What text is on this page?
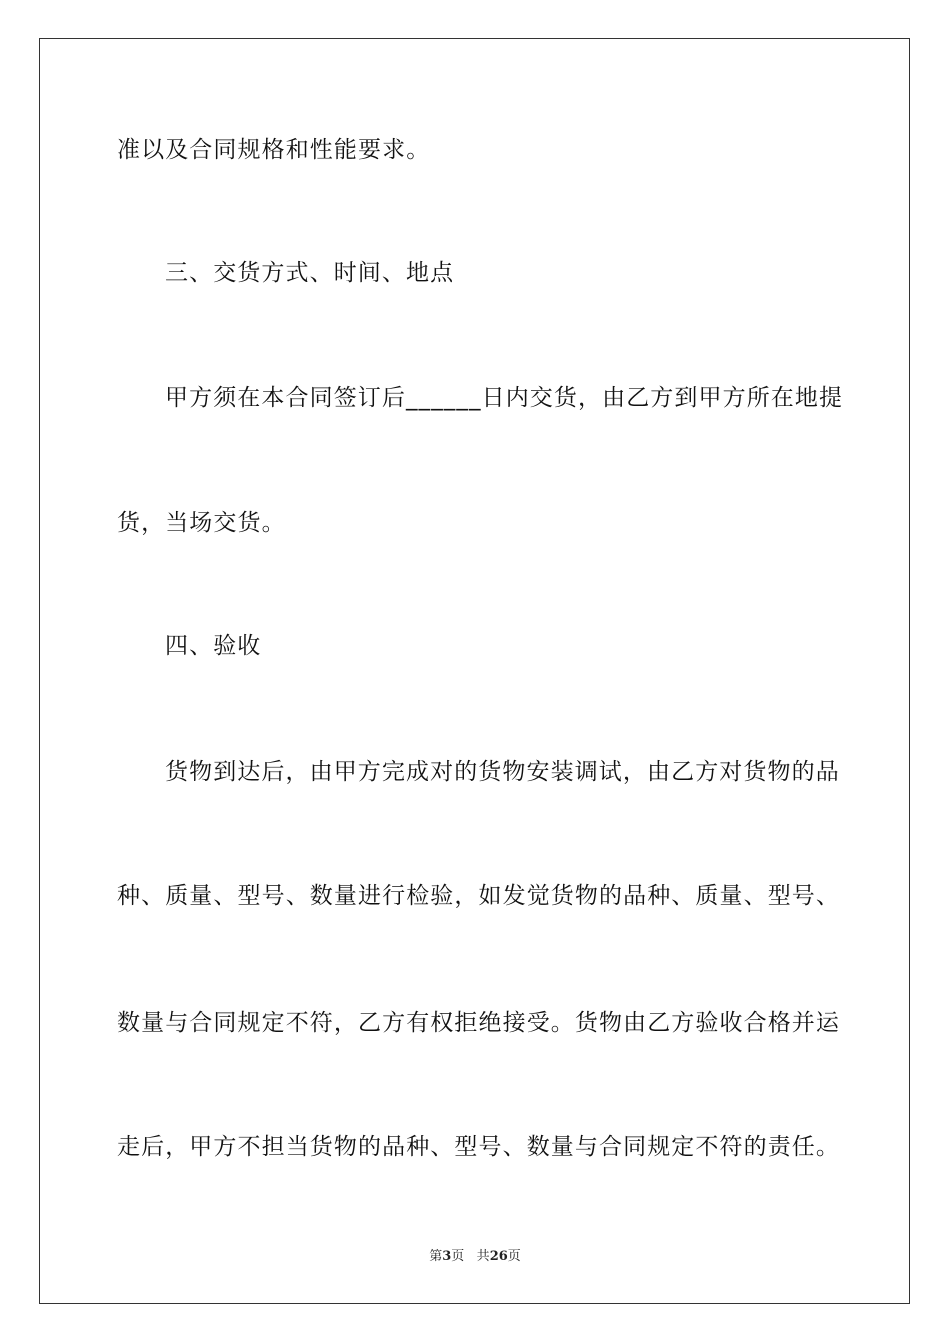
准以及合同规格和性能要求。
三、交货方式、时间、地点
甲方须在本合同签订后______日内交货，由乙方到甲方所在地提
货，当场交货。
四、验收
货物到达后，由甲方完成对的货物安装调试，由乙方对货物的品
种、质量、型号、数量进行检验，如发觉货物的品种、质量、型号、
数量与合同规定不符，乙方有权拒绝接受。货物由乙方验收合格并运
走后，甲方不担当货物的品种、型号、数量与合同规定不符的责任。
第3页 共26页
